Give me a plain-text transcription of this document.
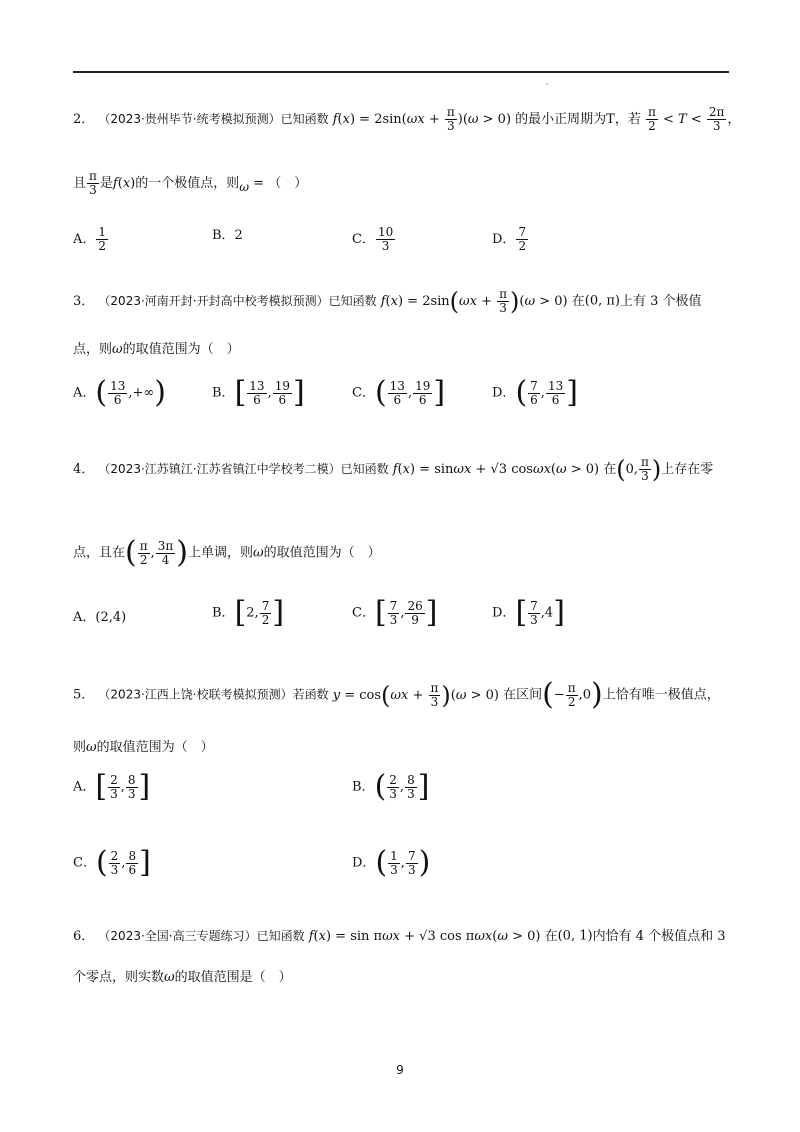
2． （2023·贵州毕节·统考模拟预测）已知函数 $f(x) = 2\sin(\omega x + \frac{\pi}{3} )(\omega > 0)$ 的最小正周期为T，若 $\frac{\pi}{2} < T < \frac{2\pi}{3}$ ，
且 $\frac{\pi}{3}$ 是f(x)的一个极值点，则ω = （　）
A． $\frac{1}{2}$	B．2	C． $\frac{10}{3}$	D． $\frac{7}{2}$
3． （2023·河南开封·开封高中校考模拟预测）已知函数 $f(x) = 2\sin(\omega x + \frac{\pi}{3} )(\omega > 0)$ 在(0, π)上有 3 个极值
点，则ω的取值范围为（　）
A．( $\frac{13}{6}$ ,+∞)	B．[ $\frac{13}{6}$ , $\frac{19}{6}$ ]	C．( $\frac{13}{6}$ , $\frac{19}{6}$ ]	D．( $\frac{7}{6}$ , $\frac{13}{6}$ ]
4． （2023·江苏镇江·江苏省镇江中学校考二模）已知函数 f(x) = sinωx + √3 cosωx(ω > 0) 在(0, $\frac{\pi}{3}$ )上存在零
点，且在( $\frac{\pi}{2}$ , $\frac{3\pi}{4}$ )上单调，则ω的取值范围为（　）
A．(2,4)	B．[2, $\frac{7}{2}$ ]	C．[ $\frac{7}{3}$ , $\frac{26}{9}$ ]	D．[ $\frac{7}{3} ,4$]
5． （2023·江西上饶·校联考模拟预测）若函数 $y = \cos(\omega x + \frac{\pi}{3} )(\omega > 0)$ 在区间(− $\frac{\pi}{2} ,0$)上恰有唯一极值点，
则ω的取值范围为（　）
A．[ $\frac{2}{3}$ , $\frac{8}{3}$ ]	B．( $\frac{2}{3}$ , $\frac{8}{3}$ ]
C．( $\frac{2}{3}$ , $\frac{8}{6}$ ]	D．( $\frac{1}{3}$ , $\frac{7}{3}$ )
6． （2023·全国·高三专题练习）已知函数 f(x) = sin πωx + √3 cos πωx(ω > 0) 在(0, 1)内恰有 4 个极值点和 3
个零点，则实数ω的取值范围是（　）
9
